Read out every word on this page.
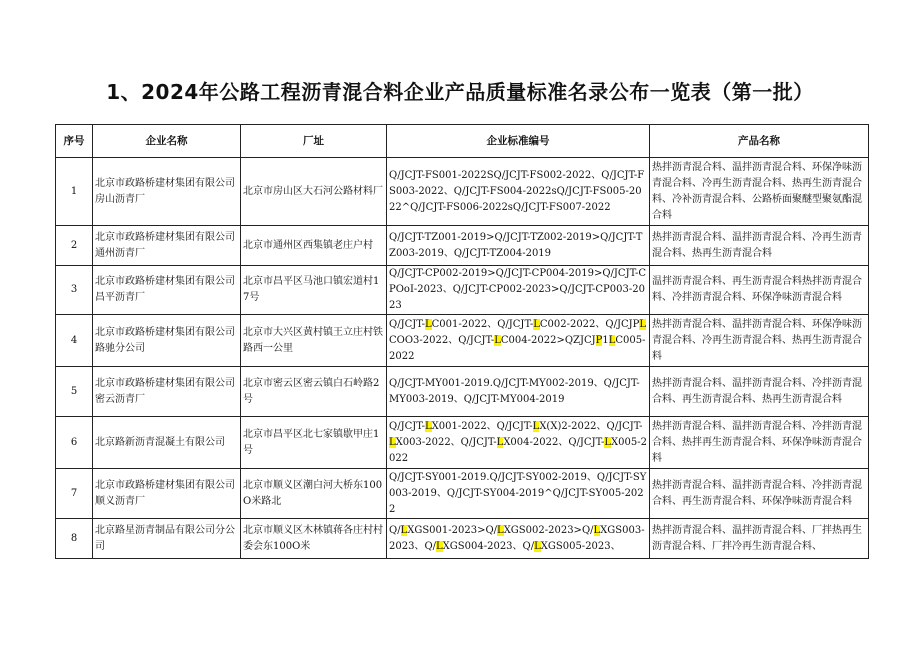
1、2024年公路工程沥青混合料企业产品质量标准名录公布一览表（第一批）
序号	企业名称	厂址	企业标准编号	产品名称
1	北京市政路桥建材集团有限公司房山沥青厂	北京市房山区大石河公路材料厂	Q/JCJT-FS001-2022SQ/JCJT-FS002-2022、Q/JCJT-FS003-2022、Q/JCJT-FS004-2022sQ/JCJT-FS005-2022^Q/JCJT-FS006-2022sQ/JCJT-FS007-2022	热拌沥青混合料、温拌沥青混合料、环保净味沥青混合料、冷再生沥青混合料、热再生沥青混合料、冷补沥青混合料、公路桥面聚醚型聚氨酯混合料
2	北京市政路桥建材集团有限公司通州沥青厂	北京市通州区西集镇老庄户村	Q/JCJT-TZ001-2019>Q/JCJT-TZ002-2019>Q/JCJT-TZ003-2019、Q/JCJT-TZ004-2019	热拌沥青混合料、温拌沥青混合料、冷再生沥青混合料、热再生沥青混合料
3	北京市政路桥建材集团有限公司昌平沥青厂	北京市昌平区马池口镇宏道村17号	Q/JCJT-CP002-2019>Q/JCJT-CP004-2019>Q/JCJT-CPOoI-2023、Q/JCJT-CP002-2023>Q/JCJT-CP003-2023	温拌沥青混合料、再生沥青混合料热拌沥青混合料、冷拌沥青混合料、环保净味沥青混合料
4	北京市政路桥建材集团有限公司路驰分公司	北京市大兴区黄村镇王立庄村铁路西一公里	Q/JCJT-LC001-2022、Q/JCJT-LC002-2022、Q/JCJPLCOO3-2022、Q/JCJT-LC004-2022>QZJCJP1LC005-2022	热拌沥青混合料、温拌沥青混合料、环保净味沥青混合料、冷再生沥青混合料、热再生沥青混合料
5	北京市政路桥建材集团有限公司密云沥青厂	北京市密云区密云镇白石岭路2号	Q/JCJT-MY001-2019.Q/JCJT-MY002-2019、Q/JCJT-MY003-2019、Q/JCJT-MY004-2019	热拌沥青混合料、温拌沥青混合料、冷拌沥青混合料、再生沥青混合料、热再生沥青混合料
6	北京路新沥青混凝土有限公司	北京市昌平区北七家镇歇甲庄1号	Q/JCJT-LX001-2022、Q/JCJT-LX(X)2-2022、Q/JCJT-LX003-2022、Q/JCJT-LX004-2022、Q/JCJT-LX005-2022	热拌沥青混合料、温拌沥青混合料、冷拌沥青混合料、热拌再生沥青混合料、环保净味沥青混合料
7	北京市政路桥建材集团有限公司顺义沥青厂	北京市顺义区潮白河大桥东100O米路北	Q/JCJT-SY001-2019.Q/JCJT-SY002-2019、Q/JCJT-SY003-2019、Q/JCJT-SY004-2019^Q/JCJT-SY005-2022	热拌沥青混合料、温拌沥青混合料、冷拌沥青混合料、再生沥青混合料、环保净味沥青混合料
8	北京路星沥青制品有限公司分公司	北京市顺义区木林镇蒋各庄村村委会东100O米	Q/LXGS001-2023>Q/LXGS002-2023>Q/LXGS003-2023、Q/LXGS004-2023、Q/LXGS005-2023、	热拌沥青混合料、温拌沥青混合料、厂拌热再生沥青混合料、厂拌冷再生沥青混合料、
